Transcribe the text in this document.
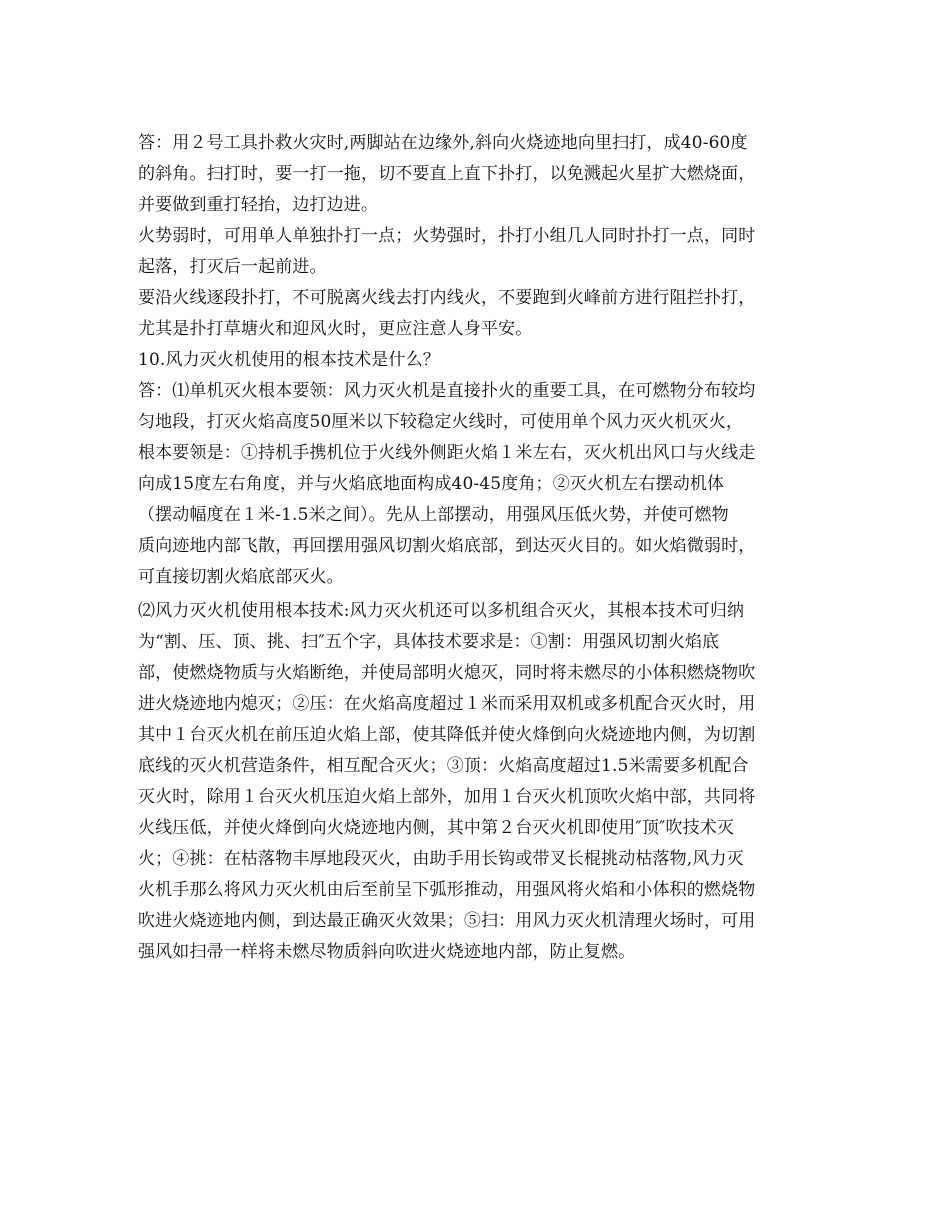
答：用２号工具扑救火灾时,两脚站在边缘外,斜向火烧迹地向里扫打，成40-60度
的斜角。扫打时，要一打一拖，切不要直上直下扑打，以免溅起火星扩大燃烧面，
并要做到重打轻抬，边打边进。
火势弱时，可用单人单独扑打一点；火势强时，扑打小组几人同时扑打一点，同时
起落，打灭后一起前进。
要沿火线逐段扑打，不可脱离火线去打内线火，不要跑到火峰前方进行阻拦扑打，
尤其是扑打草塘火和迎风火时，更应注意人身平安。
10.风力灭火机使用的根本技术是什么？
答：⑴单机灭火根本要领：风力灭火机是直接扑火的重要工具，在可燃物分布较均
匀地段，打灭火焰高度50厘米以下较稳定火线时，可使用单个风力灭火机灭火，
根本要领是：①持机手携机位于火线外侧距火焰１米左右，灭火机出风口与火线走
向成15度左右角度，并与火焰底地面构成40-45度角；②灭火机左右摆动机体
（摆动幅度在１米-1.5米之间）。先从上部摆动，用强风压低火势，并使可燃物
质向迹地内部飞散，再回摆用强风切割火焰底部，到达灭火目的。如火焰微弱时，
可直接切割火焰底部灭火。
⑵风力灭火机使用根本技术:风力灭火机还可以多机组合灭火，其根本技术可归纳
为“割、压、顶、挑、扫″五个字，具体技术要求是：①割：用强风切割火焰底
部，使燃烧物质与火焰断绝，并使局部明火熄灭，同时将未燃尽的小体积燃烧物吹
进火烧迹地内熄灭；②压：在火焰高度超过１米而采用双机或多机配合灭火时，用
其中１台灭火机在前压迫火焰上部，使其降低并使火烽倒向火烧迹地内侧，为切割
底线的灭火机营造条件，相互配合灭火；③顶：火焰高度超过1.5米需要多机配合
灭火时，除用１台灭火机压迫火焰上部外，加用１台灭火机顶吹火焰中部，共同将
火线压低，并使火烽倒向火烧迹地内侧，其中第２台灭火机即使用″顶″吹技术灭
火；④挑：在枯落物丰厚地段灭火，由助手用长钩或带叉长棍挑动枯落物,风力灭
火机手那么将风力灭火机由后至前呈下弧形推动，用强风将火焰和小体积的燃烧物
吹进火烧迹地内侧，到达最正确灭火效果；⑤扫：用风力灭火机清理火场时，可用
强风如扫帚一样将未燃尽物质斜向吹进火烧迹地内部，防止复燃。
